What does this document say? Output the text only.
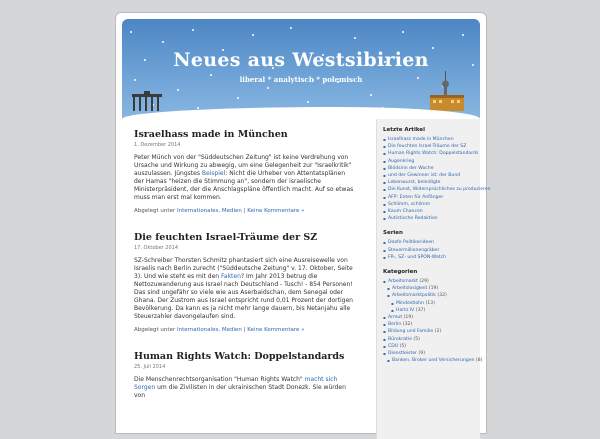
Neues aus Westsibirien
liberal * analytisch * polemisch
Israelhass made in München
1. Dezember 2014

Peter Münch von der "Süddeutschen Zeitung" ist keine Verdrehung von Ursache und Wirkung zu abwegig, um eine Gelegenheit zur "Israelkritik" auszulassen. Jüngstes Beispiel: Nicht die Urheber von Attentatsplänen der Hamas "heizen die Stimmung an", sondern der israelische Ministerpräsident, der die Anschlagspläne öffentlich macht. Auf so etwas muss man erst mal kommen.

Abgelegt unter Internationales, Medien | Keine Kommentare »
Die feuchten Israel-Träume der SZ
17. Oktober 2014

SZ-Schreiber Thorsten Schmitz phantasiert sich eine Ausreisewelle von Israelis nach Berlin zurecht ("Süddeutsche Zeitung" v. 17. Oktober, Seite 3). Und wie steht es mit den Fakten? Im Jahr 2013 betrug die Nettozuwanderung aus Israel nach Deutschland - Tusch! - 854 Personen! Das sind ungefähr so viele wie aus Aserbaidschan, dem Senegal oder Ghana. Der Zustrom aus Israel entspricht rund 0,01 Prozent der dortigen Bevölkerung. Da kann es ja nicht mehr lange dauern, bis Netanjahu alle Steuerzahler davongelaufen sind.

Abgelegt unter Internationales, Medien | Keine Kommentare »
Human Rights Watch: Doppelstandards
25. Juli 2014

Die Menschenrechtsorganisation "Human Rights Watch" macht sich Sorgen um die Zivilisten in der ukrainischen Stadt Donezk. Sie würden von

Letzte Artikel
▪ Israelhass made in München
▪ Die feuchten Israel-Träume der SZ
▪ Human Rights Watch: Doppelstandards
▪ Augenkrieg
▪ Blödsinn der Woche
▪ und der Gewinner ist: der Bund
▪ Lebenwurst, beleidigte
▪ Die Kunst, Widersprüchliches zu produzieren
▪ AFP: Enten für Anfänger
▪ Schlimm, schlimm
▪ Kaum Chancen
▪ Autistische Redaktion
Serien
▪ Doofe Politikerideen
▪ Steuermillionengräber
▪ FR-, SZ- und SPON-Watch
Kategorien
▪ Arbeitsmarkt (29)
▪ Arbeitslosigkeit (19)
▪ Arbeitsmarktpolitik (32)
▪ Mindestlohn (13)
▪ Hartz IV (37)
▪ Armut (19)
▪ Berlin (32)
▪ Bildung und Familie (2)
▪ Bürokratie (5)
▪ CDU (5)
▪ Dienstleister (9)
▪ Banken, Broker und Versicherungen (8)
